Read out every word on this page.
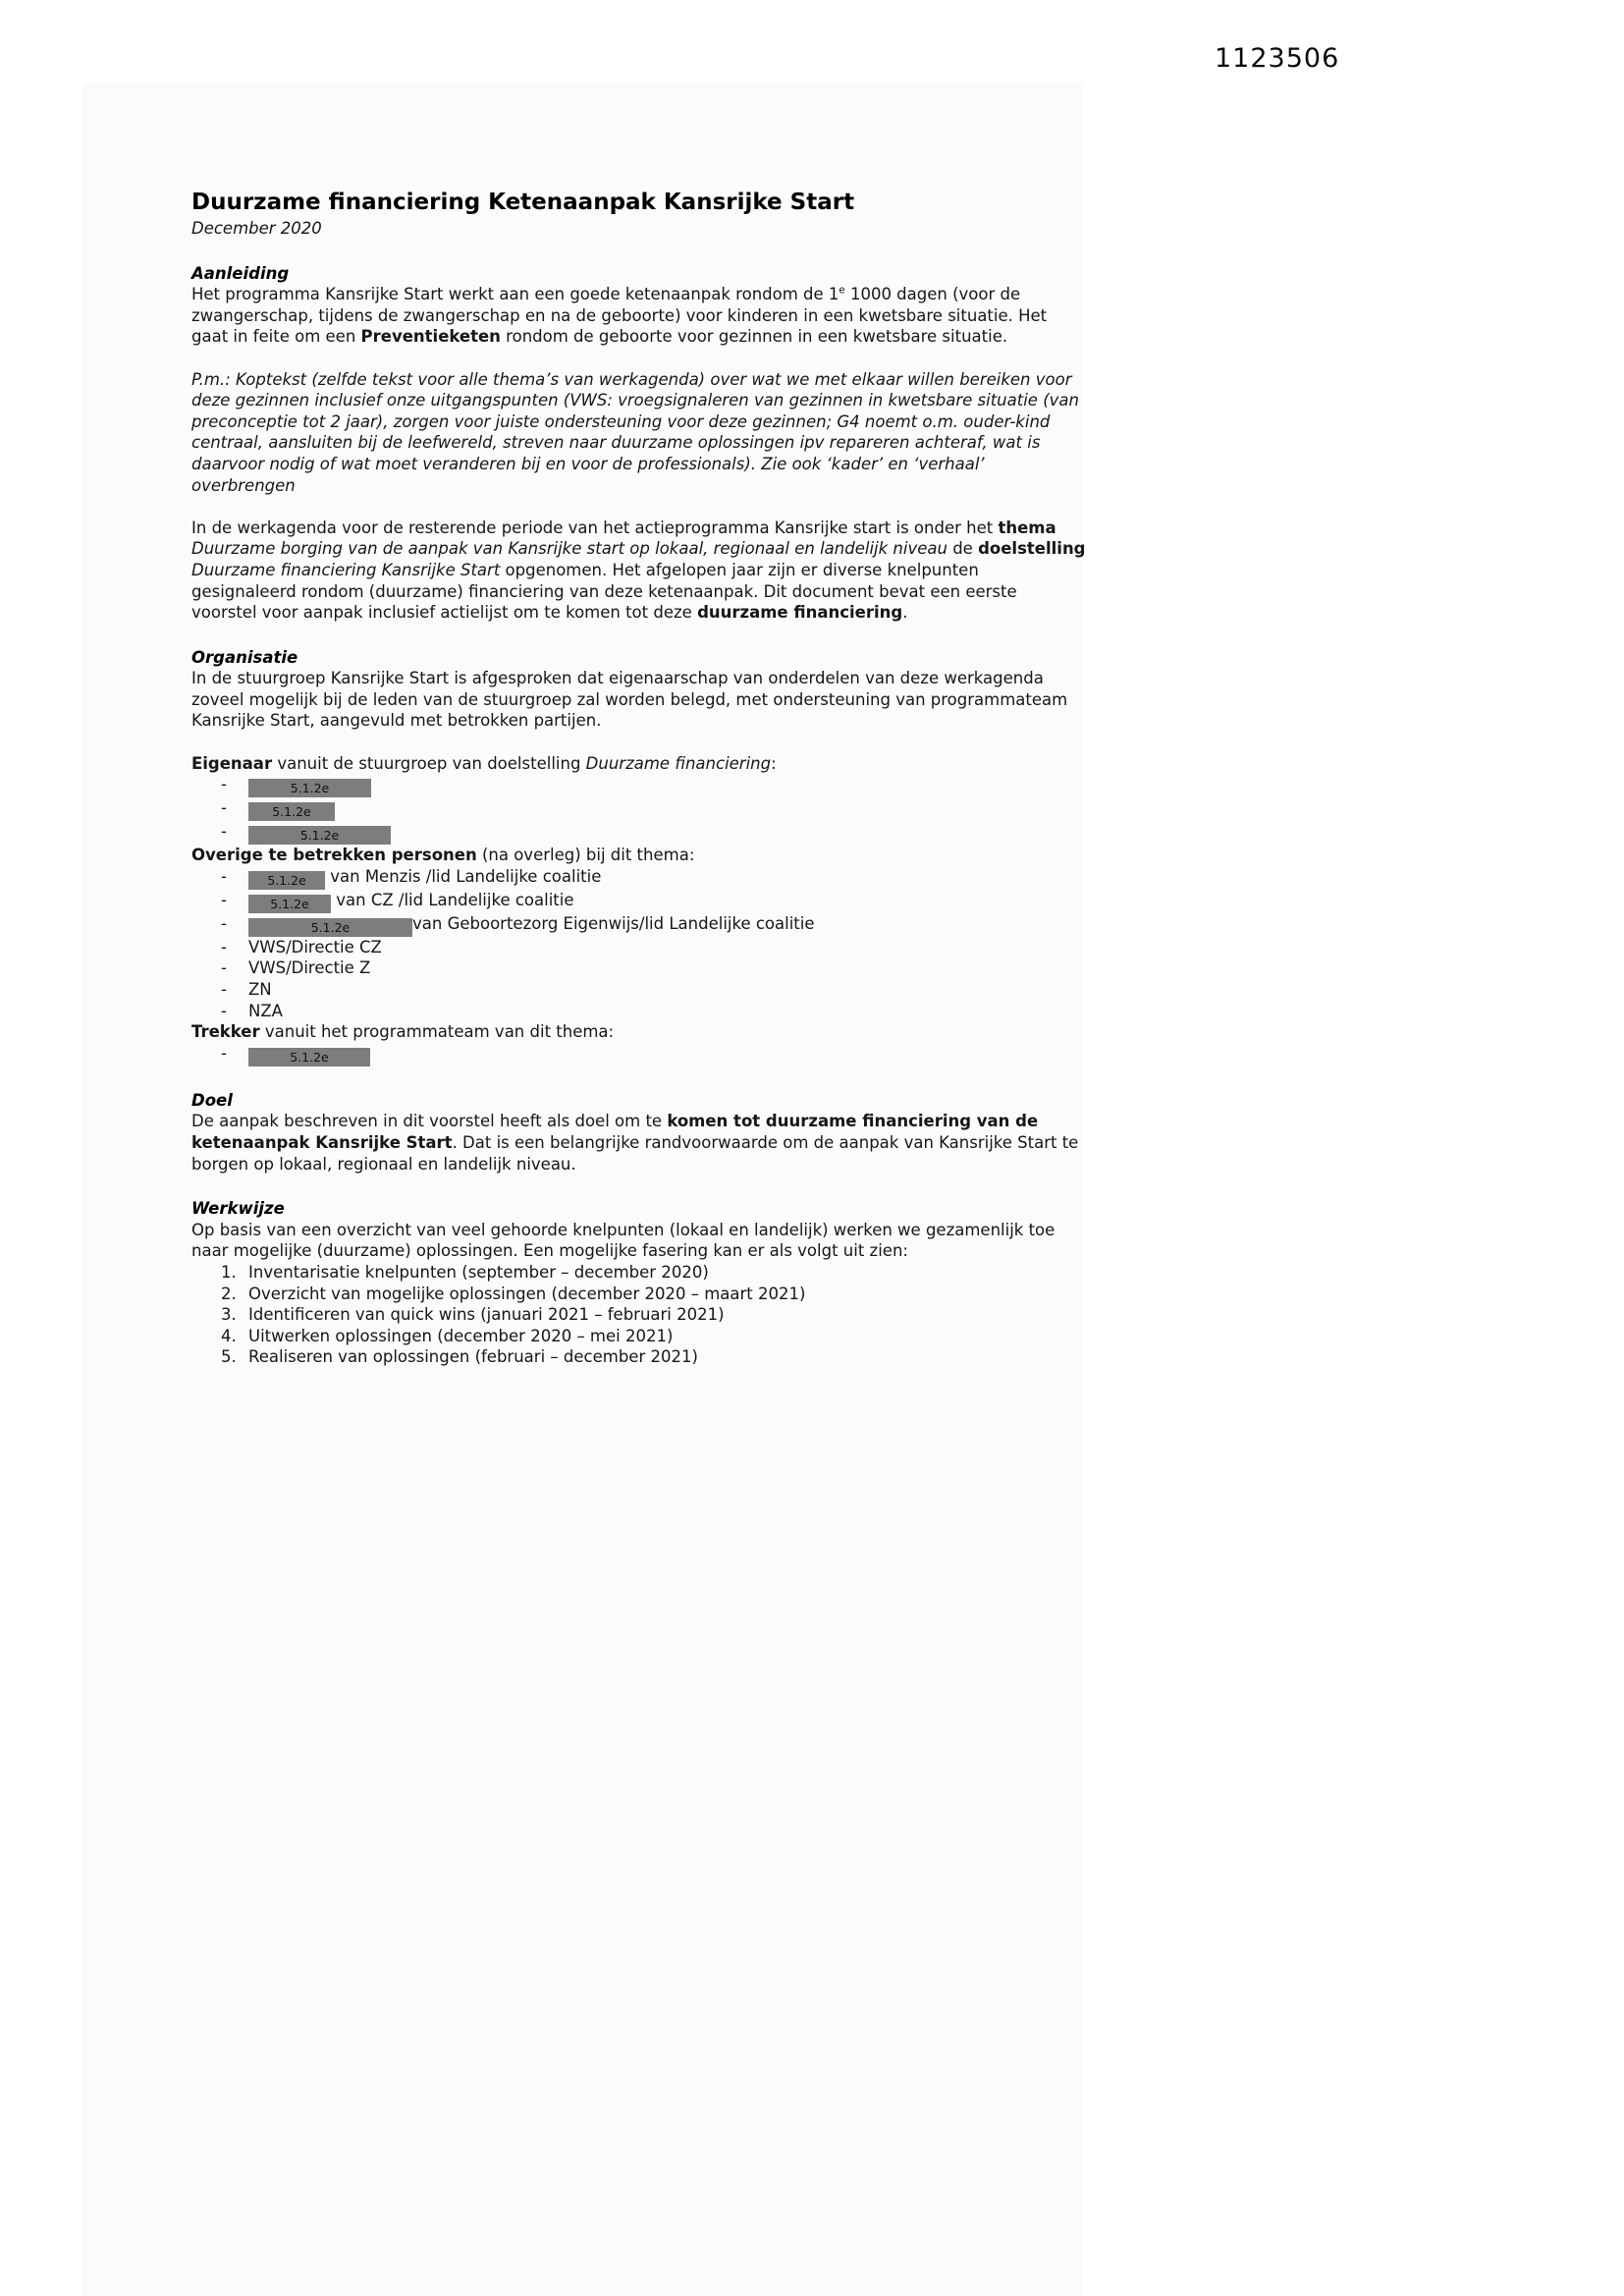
1123506
Duurzame financiering Ketenaanpak Kansrijke Start
December 2020
Aanleiding

Het programma Kansrijke Start werkt aan een goede ketenaanpak rondom de 1e 1000 dagen (voor de zwangerschap, tijdens de zwangerschap en na de geboorte) voor kinderen in een kwetsbare situatie. Het gaat in feite om een Preventieketen rondom de geboorte voor gezinnen in een kwetsbare situatie.

P.m.: Koptekst (zelfde tekst voor alle thema’s van werkagenda) over wat we met elkaar willen bereiken voor deze gezinnen inclusief onze uitgangspunten (VWS: vroegsignaleren van gezinnen in kwetsbare situatie (van preconceptie tot 2 jaar), zorgen voor juiste ondersteuning voor deze gezinnen; G4 noemt o.m. ouder-kind centraal, aansluiten bij de leefwereld, streven naar duurzame oplossingen ipv repareren achteraf, wat is daarvoor nodig of wat moet veranderen bij en voor de professionals). Zie ook ‘kader’ en ‘verhaal’ overbrengen

In de werkagenda voor de resterende periode van het actieprogramma Kansrijke start is onder het thema Duurzame borging van de aanpak van Kansrijke start op lokaal, regionaal en landelijk niveau de doelstelling Duurzame financiering Kansrijke Start opgenomen. Het afgelopen jaar zijn er diverse knelpunten gesignaleerd rondom (duurzame) financiering van deze ketenaanpak. Dit document bevat een eerste voorstel voor aanpak inclusief actielijst om te komen tot deze duurzame financiering.

Organisatie

In de stuurgroep Kansrijke Start is afgesproken dat eigenaarschap van onderdelen van deze werkagenda zoveel mogelijk bij de leden van de stuurgroep zal worden belegd, met ondersteuning van programmateam Kansrijke Start, aangevuld met betrokken partijen.

Eigenaar vanuit de stuurgroep van doelstelling Duurzame financiering:

-	5.1.2e
-	5.1.2e
-	5.1.2e

Overige te betrekken personen (na overleg) bij dit thema:

-	5.1.2e van Menzis /lid Landelijke coalitie
-	5.1.2e van CZ /lid Landelijke coalitie
-	5.1.2e	van Geboortezorg Eigenwijs/lid Landelijke coalitie
-	VWS/Directie CZ
-	VWS/Directie Z
-	ZN
-	NZA

Trekker vanuit het programmateam van dit thema:

-	5.1.2e
Doel

De aanpak beschreven in dit voorstel heeft als doel om te komen tot duurzame financiering van de ketenaanpak Kansrijke Start. Dat is een belangrijke randvoorwaarde om de aanpak van Kansrijke Start te borgen op lokaal, regionaal en landelijk niveau.

Werkwijze

Op basis van een overzicht van veel gehoorde knelpunten (lokaal en landelijk) werken we gezamenlijk toe naar mogelijke (duurzame) oplossingen. Een mogelijke fasering kan er als volgt uit zien:

1. Inventarisatie knelpunten (september – december 2020)
2. Overzicht van mogelijke oplossingen (december 2020 – maart 2021)
3. Identificeren van quick wins (januari 2021 – februari 2021)
4. Uitwerken oplossingen (december 2020 – mei 2021)
5. Realiseren van oplossingen (februari – december 2021)
